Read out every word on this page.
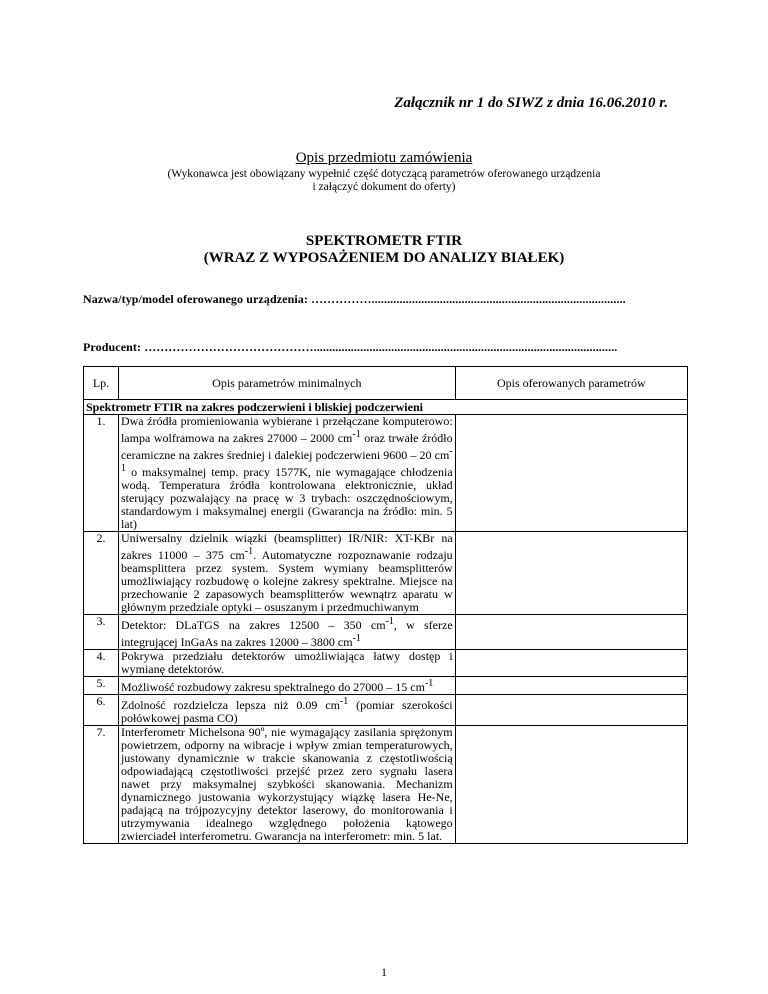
Załącznik nr 1 do SIWZ z dnia 16.06.2010 r.
Opis przedmiotu zamówienia
(Wykonawca jest obowiązany wypełnić część dotyczącą parametrów oferowanego urządzenia
i załączyć dokument do oferty)
SPEKTROMETR FTIR
(WRAZ Z WYPOSAŻENIEM DO ANALIZY BIAŁEK)
Nazwa/typ/model oferowanego urządzenia: ……………..................................................................................
Producent: ……………………………………..................................................................................................
Lp.	Opis parametrów minimalnych	Opis oferowanych parametrów
Spektrometr FTIR na zakres podczerwieni i bliskiej podczerwieni		
1.	Dwa źródła promieniowania wybierane i przełączane komputerowo: lampa wolframowa na zakres 27000 – 2000 $cm^{-1}$ oraz trwałe źródło ceramiczne na zakres średniej i dalekiej podczerwieni 9600 – 20 $cm^{-1}$ o maksymalnej temp. pracy 1577K, nie wymagające chłodzenia wodą. Temperatura źródła kontrolowana elektronicznie, układ sterujący pozwalający na pracę w 3 trybach: oszczędnościowym, standardowym i maksymalnej energii (Gwarancja na źródło: min. 5 lat)	
2.	Uniwersalny dzielnik wiązki (beamsplitter) IR/NIR: XT-KBr na zakres 11000 – 375 $cm^{-1}$. Automatyczne rozpoznawanie rodzaju beamsplittera przez system. System wymiany beamsplitterów umożliwiający rozbudowę o kolejne zakresy spektralne. Miejsce na przechowanie 2 zapasowych beamsplitterów wewnątrz aparatu w głównym przedziale optyki – osuszanym i przedmuchiwanym	
3.	Detektor: DLaTGS na zakres 12500 – 350 $cm^{-1}$, w sferze integrującej InGaAs na zakres 12000 – 3800 $cm^{-1}$	
4.	Pokrywa przedziału detektorów umożliwiająca łatwy dostęp i wymianę detektorów.	
5.	Możliwość rozbudowy zakresu spektralnego do 27000 – 15 $cm^{-1}$	
6.	Zdolność rozdzielcza lepsza niż 0.09 $cm^{-1}$ (pomiar szerokości połówkowej pasma CO)	
7.	Interferometr Michelsona 90º, nie wymagający zasilania sprężonym powietrzem, odporny na wibracje i wpływ zmian temperaturowych, justowany dynamicznie w trakcie skanowania z częstotliwością odpowiadającą częstotliwości przejść przez zero sygnału lasera nawet przy maksymalnej szybkości skanowania. Mechanizm dynamicznego justowania wykorzystujący wiązkę lasera He-Ne, padającą na trójpozycyjny detektor laserowy, do monitorowania i utrzymywania idealnego względnego położenia kątowego zwierciadeł interferometru. Gwarancja na interferometr: min. 5 lat.	
1
